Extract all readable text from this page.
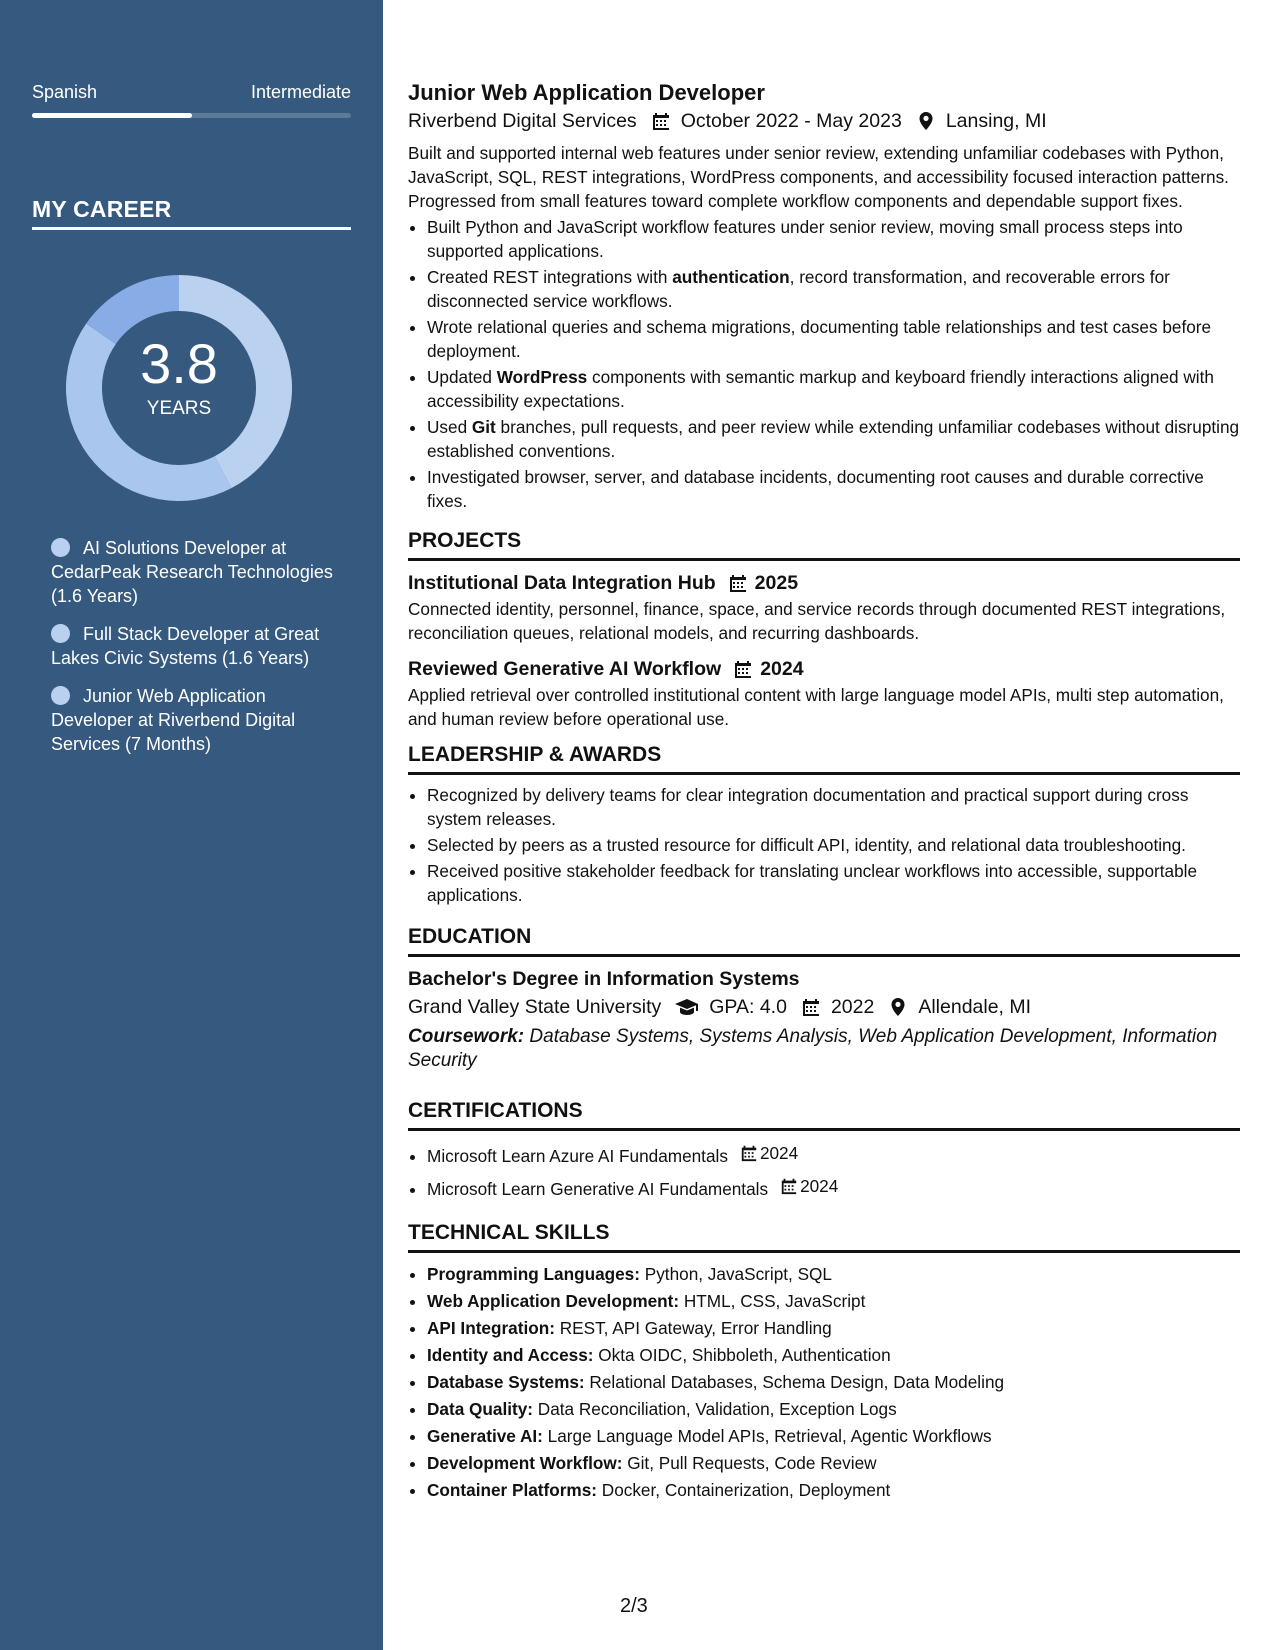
Spanish	Intermediate
MY CAREER
3.8
YEARS
AI Solutions Developer at CedarPeak Research Technologies (1.6 Years)
Full Stack Developer at Great Lakes Civic Systems (1.6 Years)
Junior Web Application Developer at Riverbend Digital Services (7 Months)
Junior Web Application Developer
Riverbend Digital Services October 2022 - May 2023 Lansing, MI
Built and supported internal web features under senior review, extending unfamiliar codebases with Python, JavaScript, SQL, REST integrations, WordPress components, and accessibility focused interaction patterns. Progressed from small features toward complete workflow components and dependable support fixes.
• Built Python and JavaScript workflow features under senior review, moving small process steps into supported applications.
• Created REST integrations with authentication, record transformation, and recoverable errors for disconnected service workflows.
• Wrote relational queries and schema migrations, documenting table relationships and test cases before deployment.
• Updated WordPress components with semantic markup and keyboard friendly interactions aligned with accessibility expectations.
• Used Git branches, pull requests, and peer review while extending unfamiliar codebases without disrupting established conventions.
• Investigated browser, server, and database incidents, documenting root causes and durable corrective fixes.
PROJECTS
Institutional Data Integration Hub 2025
Connected identity, personnel, finance, space, and service records through documented REST integrations, reconciliation queues, relational models, and recurring dashboards.
Reviewed Generative AI Workflow 2024
Applied retrieval over controlled institutional content with large language model APIs, multi step automation, and human review before operational use.
LEADERSHIP & AWARDS
• Recognized by delivery teams for clear integration documentation and practical support during cross system releases.
• Selected by peers as a trusted resource for difficult API, identity, and relational data troubleshooting.
• Received positive stakeholder feedback for translating unclear workflows into accessible, supportable applications.
EDUCATION
Bachelor's Degree in Information Systems
Grand Valley State University GPA: 4.0 2022 Allendale, MI
Coursework: Database Systems, Systems Analysis, Web Application Development, Information Security
CERTIFICATIONS
• Microsoft Learn Azure AI Fundamentals 2024
• Microsoft Learn Generative AI Fundamentals 2024
TECHNICAL SKILLS
• Programming Languages: Python, JavaScript, SQL
• Web Application Development: HTML, CSS, JavaScript
• API Integration: REST, API Gateway, Error Handling
• Identity and Access: Okta OIDC, Shibboleth, Authentication
• Database Systems: Relational Databases, Schema Design, Data Modeling
• Data Quality: Data Reconciliation, Validation, Exception Logs
• Generative AI: Large Language Model APIs, Retrieval, Agentic Workflows
• Development Workflow: Git, Pull Requests, Code Review
• Container Platforms: Docker, Containerization, Deployment
2/3
